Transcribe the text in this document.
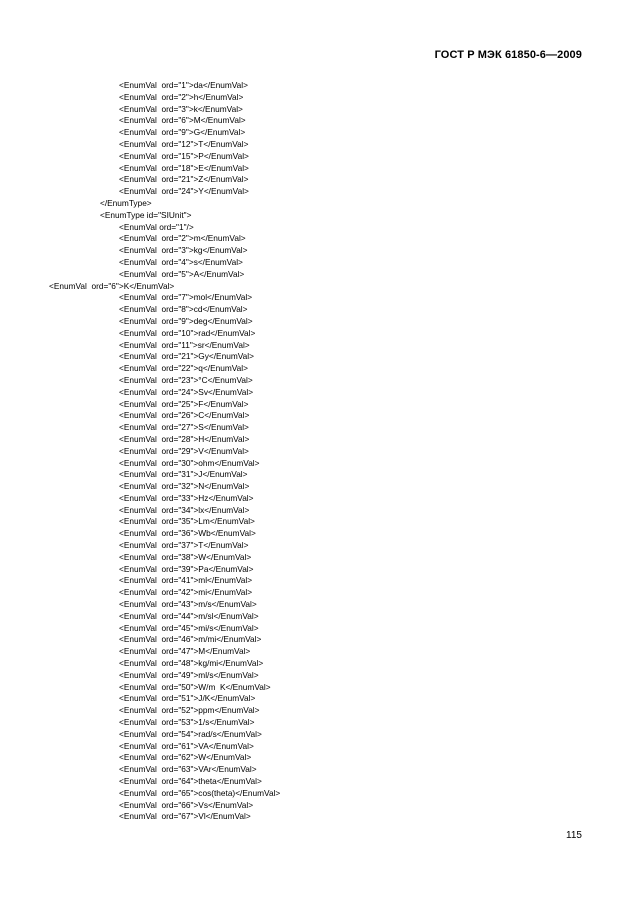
ГОСТ Р МЭК 61850-6—2009
<EnumVal  ord="1">da</EnumVal>
<EnumVal  ord="2">h</EnumVal>
<EnumVal  ord="3">k</EnumVal>
<EnumVal  ord="6">M</EnumVal>
<EnumVal  ord="9">G</EnumVal>
<EnumVal  ord="12">T</EnumVal>
<EnumVal  ord="15">P</EnumVal>
<EnumVal  ord="18">E</EnumVal>
<EnumVal  ord="21">Z</EnumVal>
<EnumVal  ord="24">Y</EnumVal>
</EnumType>
<EnumType id="SIUnit">
<EnumVal ord="1"/>
<EnumVal  ord="2">m</EnumVal>
<EnumVal  ord="3">kg</EnumVal>
<EnumVal  ord="4">s</EnumVal>
<EnumVal  ord="5">A</EnumVal>
<EnumVal  ord="6">K</EnumVal>
<EnumVal  ord="7">mol</EnumVal>
<EnumVal  ord="8">cd</EnumVal>
<EnumVal  ord="9">deg</EnumVal>
<EnumVal  ord="10">rad</EnumVal>
<EnumVal  ord="11">sr</EnumVal>
<EnumVal  ord="21">Gy</EnumVal>
<EnumVal  ord="22">q</EnumVal>
<EnumVal  ord="23">°C</EnumVal>
<EnumVal  ord="24">Sv</EnumVal>
<EnumVal  ord="25">F</EnumVal>
<EnumVal  ord="26">C</EnumVal>
<EnumVal  ord="27">S</EnumVal>
<EnumVal  ord="28">H</EnumVal>
<EnumVal  ord="29">V</EnumVal>
<EnumVal  ord="30">ohm</EnumVal>
<EnumVal  ord="31">J</EnumVal>
<EnumVal  ord="32">N</EnumVal>
<EnumVal  ord="33">Hz</EnumVal>
<EnumVal  ord="34">lx</EnumVal>
<EnumVal  ord="35">Lm</EnumVal>
<EnumVal  ord="36">Wb</EnumVal>
<EnumVal  ord="37">T</EnumVal>
<EnumVal  ord="38">W</EnumVal>
<EnumVal  ord="39">Pa</EnumVal>
<EnumVal  ord="41">ml</EnumVal>
<EnumVal  ord="42">mi</EnumVal>
<EnumVal  ord="43">m/s</EnumVal>
<EnumVal  ord="44">m/sl</EnumVal>
<EnumVal  ord="45">mi/s</EnumVal>
<EnumVal  ord="46">m/mi</EnumVal>
<EnumVal  ord="47">M</EnumVal>
<EnumVal  ord="48">kg/mi</EnumVal>
<EnumVal  ord="49">ml/s</EnumVal>
<EnumVal  ord="50">W/m  K</EnumVal>
<EnumVal  ord="51">J/K</EnumVal>
<EnumVal  ord="52">ppm</EnumVal>
<EnumVal  ord="53">1/s</EnumVal>
<EnumVal  ord="54">rad/s</EnumVal>
<EnumVal  ord="61">VA</EnumVal>
<EnumVal  ord="62">W</EnumVal>
<EnumVal  ord="63">VAr</EnumVal>
<EnumVal  ord="64">theta</EnumVal>
<EnumVal  ord="65">cos(theta)</EnumVal>
<EnumVal  ord="66">Vs</EnumVal>
<EnumVal  ord="67">Vl</EnumVal>
115
